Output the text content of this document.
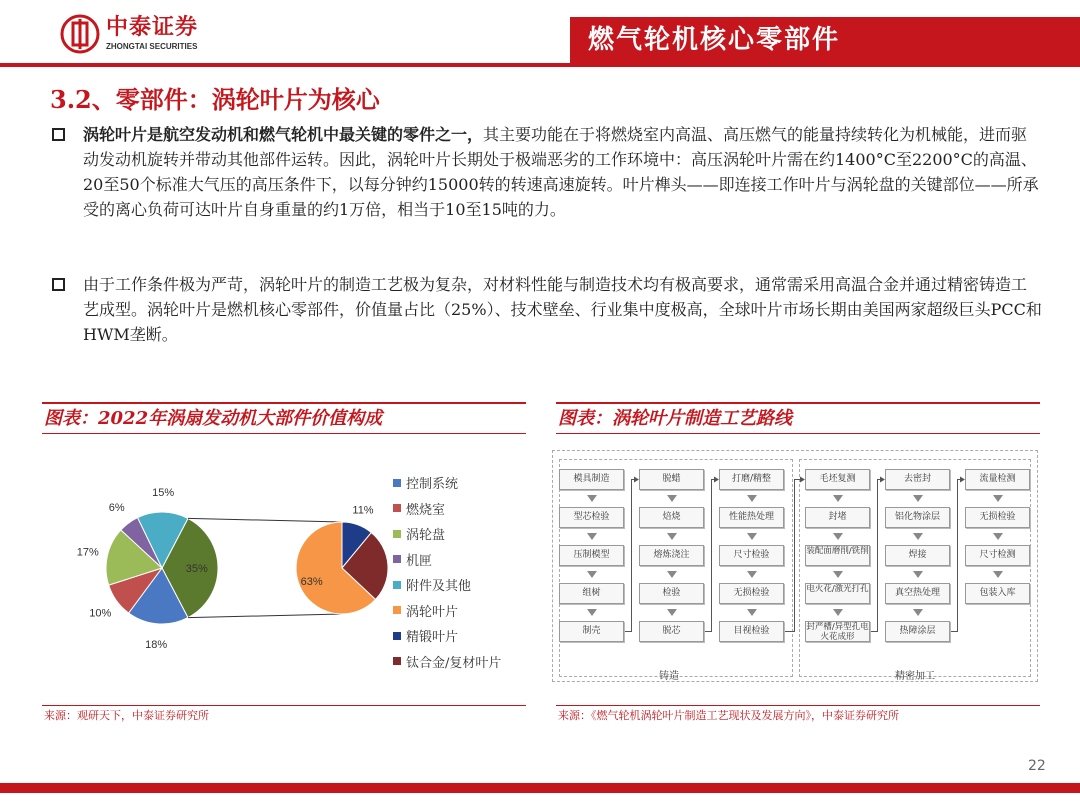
中泰证券
ZHONGTAI SECURITIES	燃气轮机核心零部件
3.2、零部件：涡轮叶片为核心
涡轮叶片是航空发动机和燃气轮机中最关键的零件之一，其主要功能在于将燃烧室内高温、高压燃气的能量持续转化为机械能，进而驱动发动机旋转并带动其他部件运转。因此，涡轮叶片长期处于极端恶劣的工作环境中：高压涡轮叶片需在约1400°C至2200°C的高温、20至50个标准大气压的高压条件下，以每分钟约15000转的转速高速旋转。叶片榫头——即连接工作叶片与涡轮盘的关键部位——所承受的离心负荷可达叶片自身重量的约1万倍，相当于10至15吨的力。
由于工作条件极为严苛，涡轮叶片的制造工艺极为复杂，对材料性能与制造技术均有极高要求，通常需采用高温合金并通过精密铸造工艺成型。涡轮叶片是燃机核心零部件，价值量占比（25%）、技术壁垒、行业集中度极高，全球叶片市场长期由美国两家超级巨头PCC和HWM垄断。
图表：2022年涡扇发动机大部件价值构成
35%
18%
10%
17%
6%
15%
11%
63%
控制系统
燃烧室
涡轮盘
机匣
附件及其他
涡轮叶片
精锻叶片
钛合金/复材叶片
来源：观研天下，中泰证券研究所
图表：涡轮叶片制造工艺路线
铸造	精密加工
模具制造
型芯检验
压制模型
组树
制壳
脱蜡
焙烧
熔炼浇注
检验
脱芯
打磨/精整
性能热处理
尺寸检验
无损检验
目视检验
毛坯复测
封堵
装配面磨削/铣削
电火花/激光打孔
封严槽/异型孔电火花成形
去密封
铝化物涂层
焊接
真空热处理
热障涂层
流量检测
无损检验
尺寸检测
包装入库
来源：《燃气轮机涡轮叶片制造工艺现状及发展方向》，中泰证券研究所
22
